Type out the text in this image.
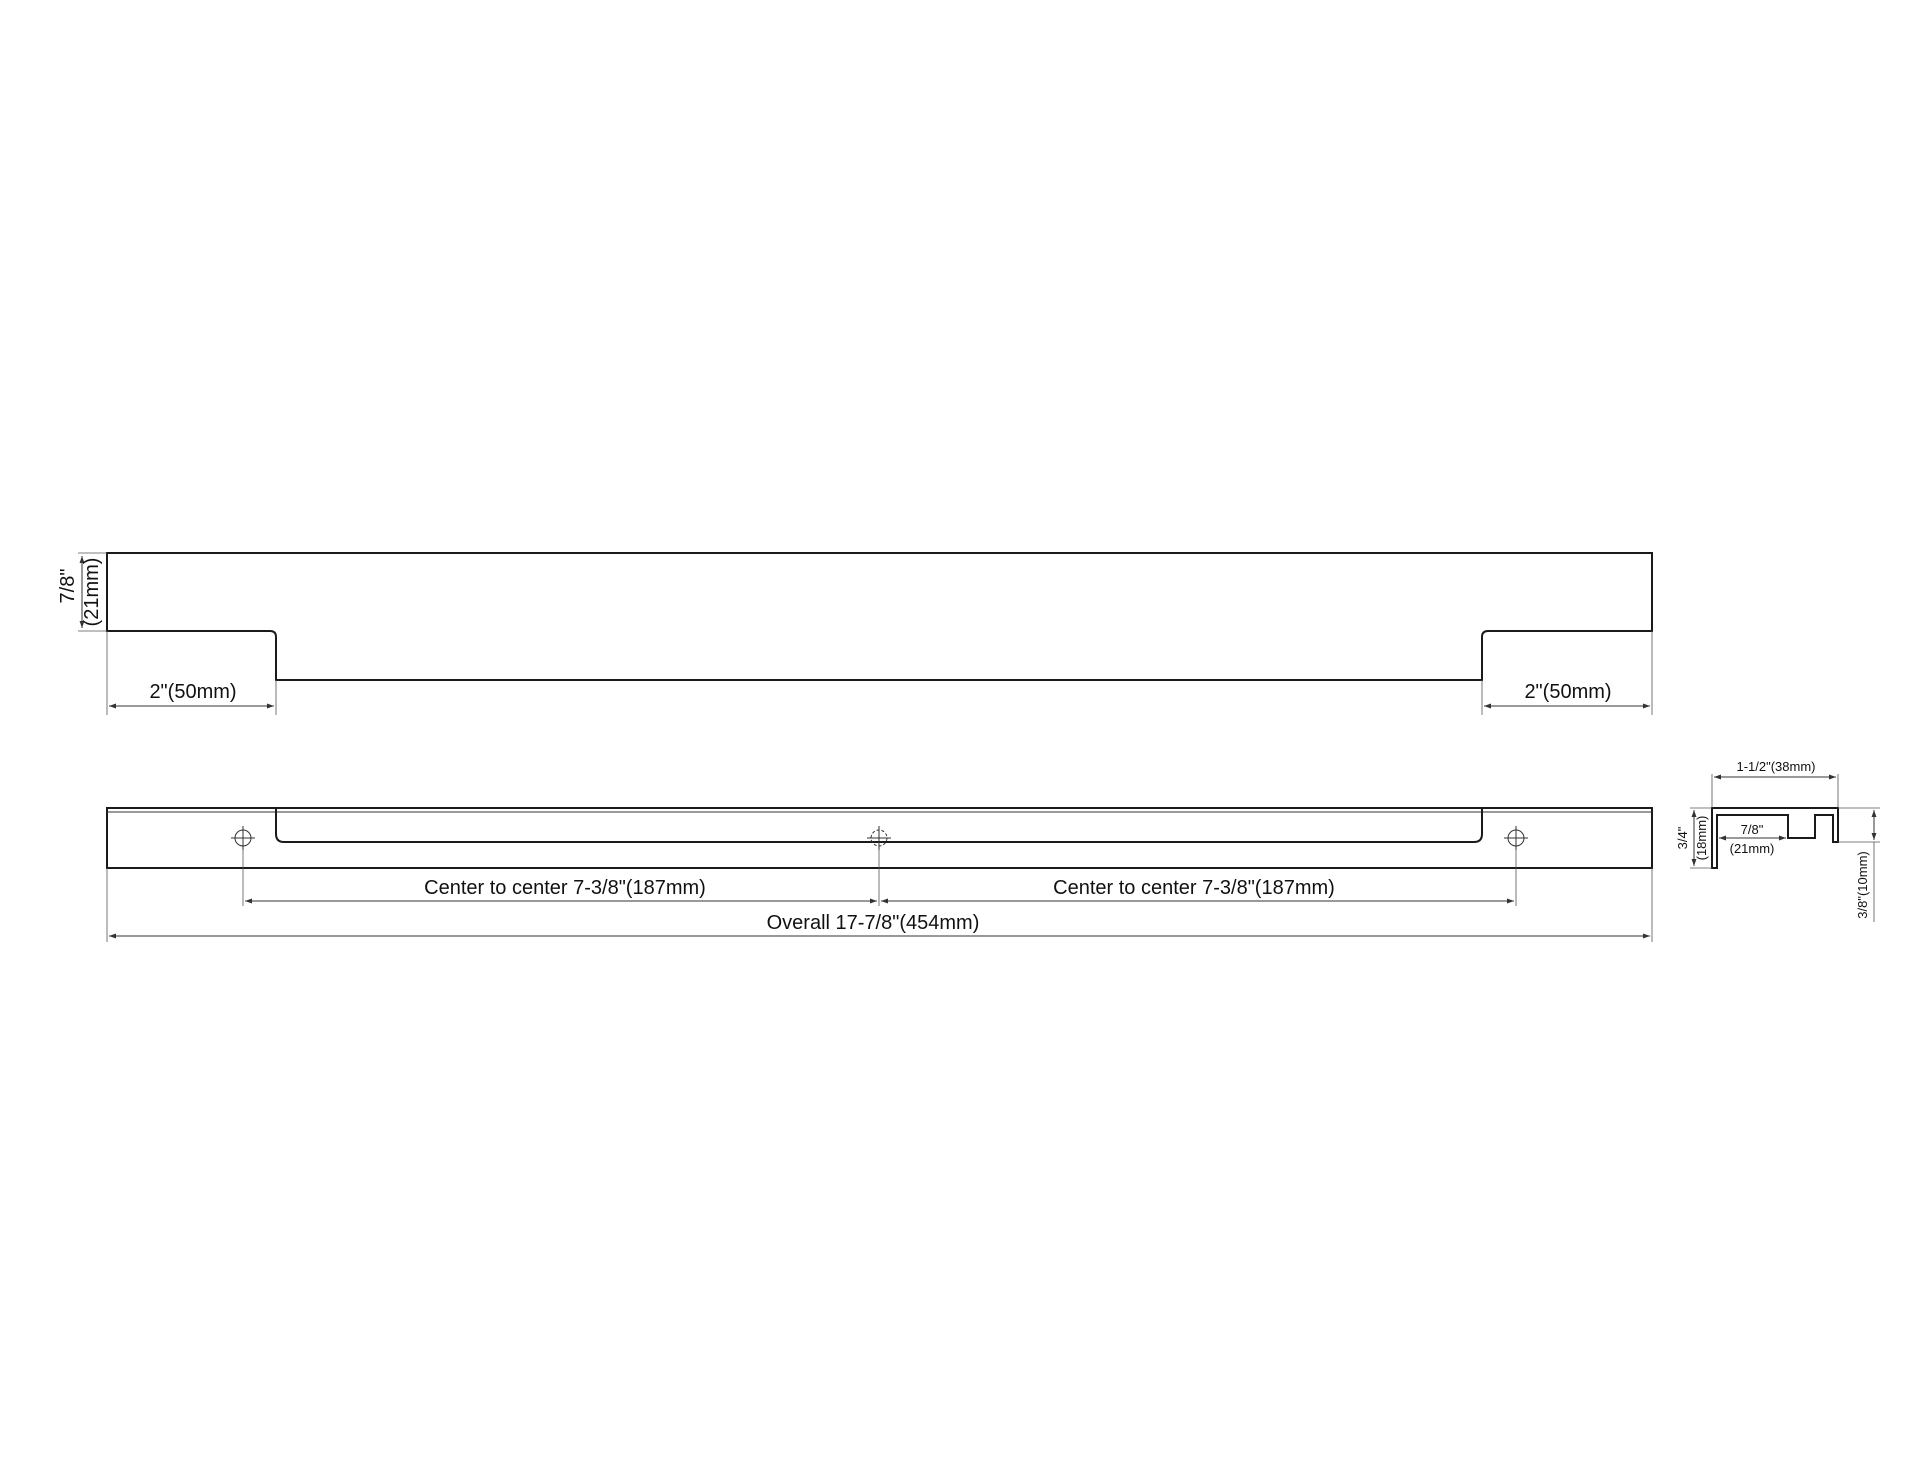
7/8" (21mm)
2"(50mm)	2"(50mm)
Center to center 7-3/8"(187mm)	Center to center 7-3/8"(187mm)
Overall 17-7/8"(454mm)
1-1/2"(38mm)
3/4" (18mm) 7/8"
(21mm)
3/8"(10mm)
